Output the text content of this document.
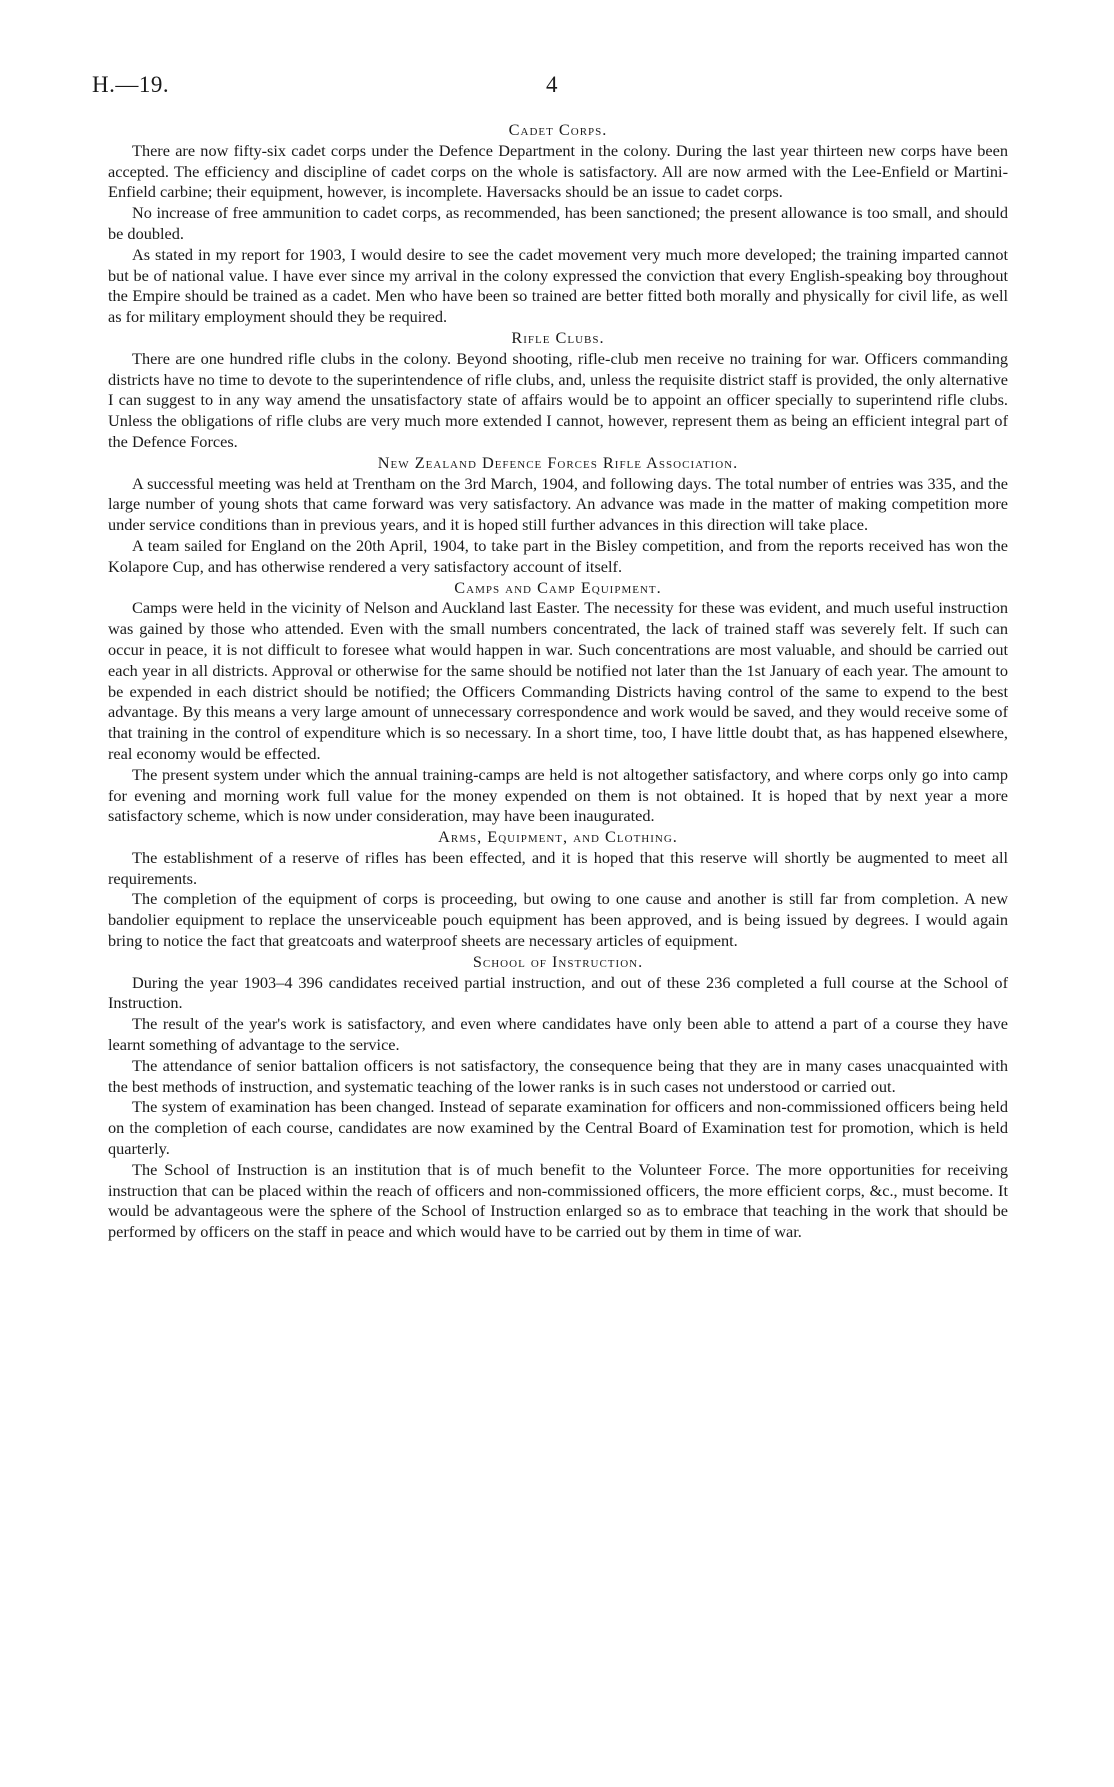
H.—19.	4
Cadet Corps.

There are now fifty-six cadet corps under the Defence Department in the colony. During the last year thirteen new corps have been accepted. The efficiency and discipline of cadet corps on the whole is satisfactory. All are now armed with the Lee-Enfield or Martini-Enfield carbine; their equipment, however, is incomplete. Haversacks should be an issue to cadet corps.

No increase of free ammunition to cadet corps, as recommended, has been sanctioned; the present allowance is too small, and should be doubled.

As stated in my report for 1903, I would desire to see the cadet movement very much more developed; the training imparted cannot but be of national value. I have ever since my arrival in the colony expressed the conviction that every English-speaking boy throughout the Empire should be trained as a cadet. Men who have been so trained are better fitted both morally and physically for civil life, as well as for military employment should they be required.

Rifle Clubs.

There are one hundred rifle clubs in the colony. Beyond shooting, rifle-club men receive no training for war. Officers commanding districts have no time to devote to the superintendence of rifle clubs, and, unless the requisite district staff is provided, the only alternative I can suggest to in any way amend the unsatisfactory state of affairs would be to appoint an officer specially to superintend rifle clubs. Unless the obligations of rifle clubs are very much more extended I cannot, however, represent them as being an efficient integral part of the Defence Forces.

New Zealand Defence Forces Rifle Association.

A successful meeting was held at Trentham on the 3rd March, 1904, and following days. The total number of entries was 335, and the large number of young shots that came forward was very satisfactory. An advance was made in the matter of making competition more under service conditions than in previous years, and it is hoped still further advances in this direction will take place.

A team sailed for England on the 20th April, 1904, to take part in the Bisley competition, and from the reports received has won the Kolapore Cup, and has otherwise rendered a very satisfactory account of itself.

Camps and Camp Equipment.

Camps were held in the vicinity of Nelson and Auckland last Easter. The necessity for these was evident, and much useful instruction was gained by those who attended. Even with the small numbers concentrated, the lack of trained staff was severely felt. If such can occur in peace, it is not difficult to foresee what would happen in war. Such concentrations are most valuable, and should be carried out each year in all districts. Approval or otherwise for the same should be notified not later than the 1st January of each year. The amount to be expended in each district should be notified; the Officers Commanding Districts having control of the same to expend to the best advantage. By this means a very large amount of unnecessary correspondence and work would be saved, and they would receive some of that training in the control of expenditure which is so necessary. In a short time, too, I have little doubt that, as has happened elsewhere, real economy would be effected.

The present system under which the annual training-camps are held is not altogether satisfactory, and where corps only go into camp for evening and morning work full value for the money expended on them is not obtained. It is hoped that by next year a more satisfactory scheme, which is now under consideration, may have been inaugurated.

Arms, Equipment, and Clothing.

The establishment of a reserve of rifles has been effected, and it is hoped that this reserve will shortly be augmented to meet all requirements.

The completion of the equipment of corps is proceeding, but owing to one cause and another is still far from completion. A new bandolier equipment to replace the unserviceable pouch equipment has been approved, and is being issued by degrees. I would again bring to notice the fact that greatcoats and waterproof sheets are necessary articles of equipment.

School of Instruction.

During the year 1903–4 396 candidates received partial instruction, and out of these 236 completed a full course at the School of Instruction.

The result of the year's work is satisfactory, and even where candidates have only been able to attend a part of a course they have learnt something of advantage to the service.

The attendance of senior battalion officers is not satisfactory, the consequence being that they are in many cases unacquainted with the best methods of instruction, and systematic teaching of the lower ranks is in such cases not understood or carried out.

The system of examination has been changed. Instead of separate examination for officers and non-commissioned officers being held on the completion of each course, candidates are now examined by the Central Board of Examination test for promotion, which is held quarterly.

The School of Instruction is an institution that is of much benefit to the Volunteer Force. The more opportunities for receiving instruction that can be placed within the reach of officers and non-commissioned officers, the more efficient corps, &c., must become. It would be advantageous were the sphere of the School of Instruction enlarged so as to embrace that teaching in the work that should be performed by officers on the staff in peace and which would have to be carried out by them in time of war.
